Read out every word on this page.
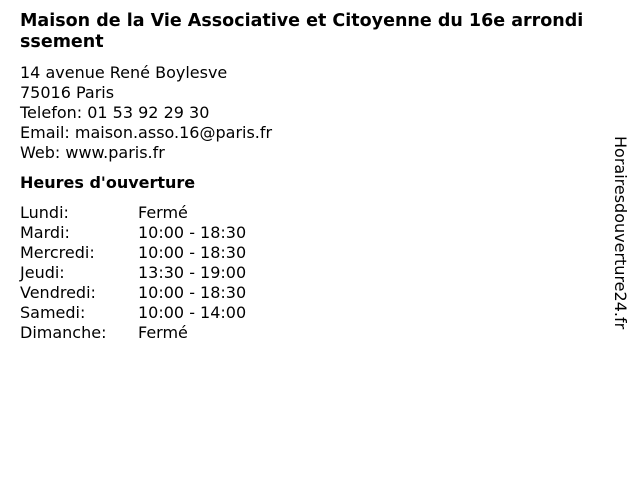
Maison de la Vie Associative et Citoyenne du 16e arrondissement
14 avenue René Boylesve
75016 Paris
Telefon: 01 53 92 29 30
Email: maison.asso.16@paris.fr
Web: www.paris.fr
Heures d'ouverture
Lundi:	Fermé
Mardi:	10:00 - 18:30
Mercredi:	10:00 - 18:30
Jeudi:	13:30 - 19:00
Vendredi:	10:00 - 18:30
Samedi:	10:00 - 14:00
Dimanche:	Fermé
Horairesdouverture24.fr
